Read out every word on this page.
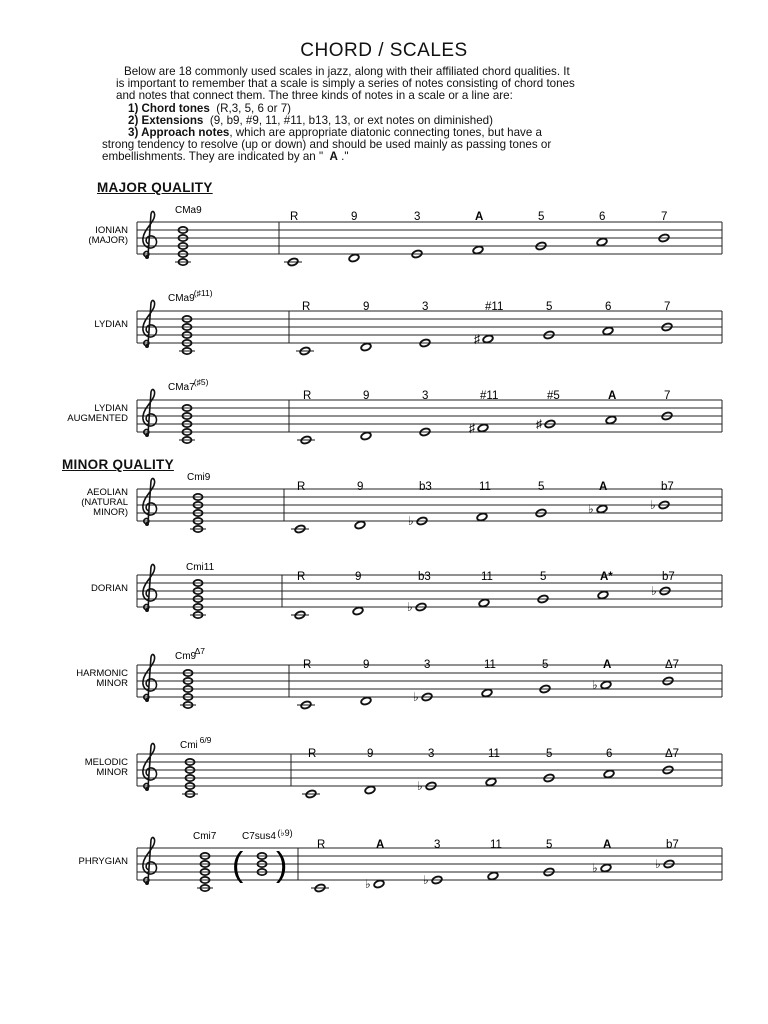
CHORD / SCALES

Below are 18 commonly used scales in jazz, along with their affiliated chord qualities. It

is important to remember that a scale is simply a series of notes consisting of chord tones

and notes that connect them. The three kinds of notes in a scale or a line are:

1) Chord tones (R,3, 5, 6 or 7)

2) Extensions (9, b9, #9, 11, #11, b13, 13, or ext notes on diminished)

3) Approach notes, which are appropriate diatonic connecting tones, but have a

strong tendency to resolve (up or down) and should be used mainly as passing tones or

embellishments. They are indicated by an " A ."

MAJOR QUALITY
MINOR QUALITY
IONIAN
(MAJOR)
CMa9
R	9	3	A	5	6	7
LYDIAN
CMa9 (♯11)
R	9	3
♯
#11	5	6	7
LYDIAN
AUGMENTED
CMa7 (♯5)
R	9	3
♯
#11
♯
#5	A	7
AEOLIAN
(NATURAL
MINOR)
Cmi9
R	9
♭
b3	11	5
♭
A
♭
b7
DORIAN
Cmi11
R	9
♭
b3	11	5	A*
♭
b7
HARMONIC
MINOR
Cm9
Δ7
R	9
♭
3	11	5
♭
A	Δ7
MELODIC
MINOR
Cmi 6/9
R	9
♭
3	11	5	6	Δ7
PHRYGIAN
Cmi7	C7sus4 (♭9)
( )
R
♭
A
♭
3	11	5
♭
A
♭
b7
